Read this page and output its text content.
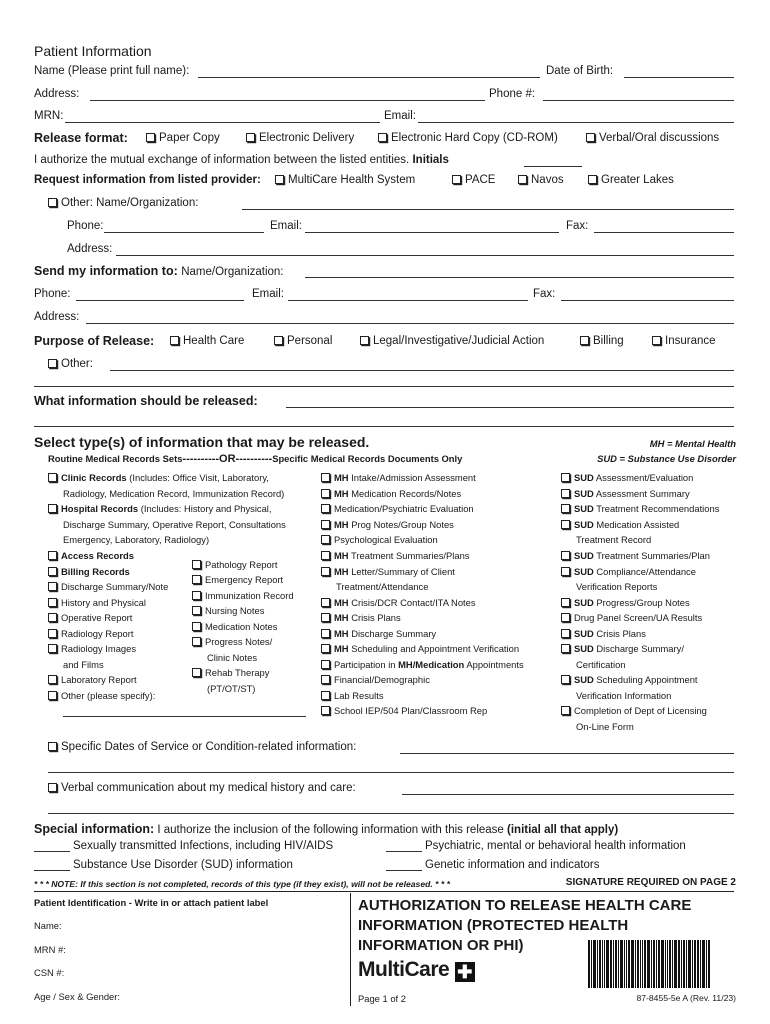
Patient Information
Name (Please print full name):	Date of Birth:
Address:	Phone #:
MRN:	Email:
Release format:	Paper Copy	Electronic Delivery	Electronic Hard Copy (CD-ROM)	Verbal/Oral discussions
I authorize the mutual exchange of information between the listed entities. Initials
Request information from listed provider:	MultiCare Health System	PACE	Navos	Greater Lakes
Other: Name/Organization:
Phone:	Email:	Fax:
Address:
Send my information to: Name/Organization:
Phone:	Email:	Fax:
Address:
Purpose of Release:	Health Care	Personal	Legal/Investigative/Judicial Action	Billing	Insurance
Other:
What information should be released:
Select type(s) of information that may be released.	MH = Mental Health
SUD = Substance Use Disorder
Routine Medical Records Sets----------OR----------Specific Medical Records Documents Only
Clinic Records (Includes: Office Visit, Laboratory,
Radiology, Medication Record, Immunization Record)
Hospital Records (Includes: History and Physical,
Discharge Summary, Operative Report, Consultations
Emergency, Laboratory, Radiology)
Access Records
Billing Records
Discharge Summary/Note
History and Physical
Operative Report
Radiology Report
Radiology Images
and Films
Laboratory Report
Other (please specify):
Pathology Report
Emergency Report
Immunization Record
Nursing Notes
Medication Notes
Progress Notes/
Clinic Notes
Rehab Therapy
(PT/OT/ST)
MH Intake/Admission Assessment
MH Medication Records/Notes
Medication/Psychiatric Evaluation
MH Prog Notes/Group Notes
Psychological Evaluation
MH Treatment Summaries/Plans
MH Letter/Summary of Client
Treatment/Attendance
MH Crisis/DCR Contact/ITA Notes
MH Crisis Plans
MH Discharge Summary
MH Scheduling and Appointment Verification
Participation in MH/Medication Appointments
Financial/Demographic
Lab Results
School IEP/504 Plan/Classroom Rep
SUD Assessment/Evaluation
SUD Assessment Summary
SUD Treatment Recommendations
SUD Medication Assisted
Treatment Record
SUD Treatment Summaries/Plan
SUD Compliance/Attendance
Verification Reports
SUD Progress/Group Notes
Drug Panel Screen/UA Results
SUD Crisis Plans
SUD Discharge Summary/
Certification
SUD Scheduling Appointment
Verification Information
Completion of Dept of Licensing
On-Line Form
Specific Dates of Service or Condition-related information:
Verbal communication about my medical history and care:
Special information: I authorize the inclusion of the following information with this release (initial all that apply)
Sexually transmitted Infections, including HIV/AIDS	Psychiatric, mental or behavioral health information
Substance Use Disorder (SUD) information	Genetic information and indicators
* * * NOTE: If this section is not completed, records of this type (if they exist), will not be released. * * *	SIGNATURE REQUIRED ON PAGE 2
Patient Identification - Write in or attach patient label
Name:
MRN #:
CSN #:
Age / Sex & Gender:
AUTHORIZATION TO RELEASE HEALTH CARE
INFORMATION (PROTECTED HEALTH
INFORMATION OR PHI)
MultiCare ✚
Page 1 of 2	87-8455-5e A (Rev. 11/23)
